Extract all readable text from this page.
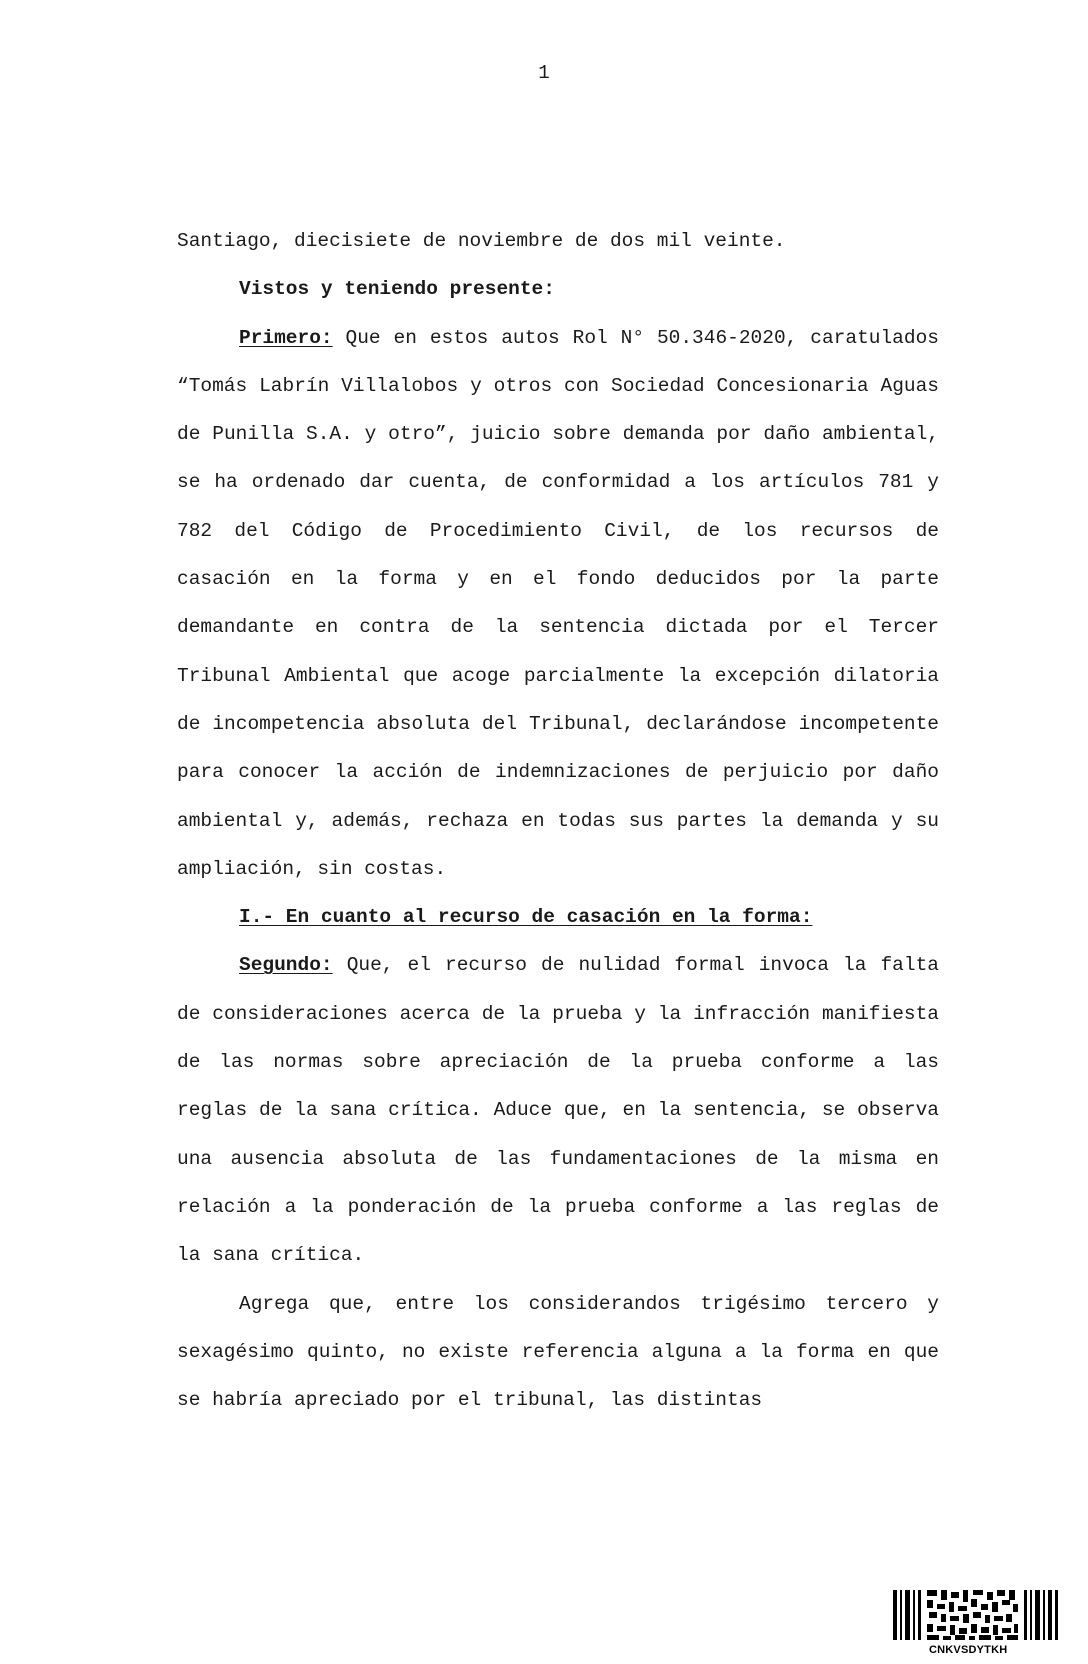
1

Santiago, diecisiete de noviembre de dos mil veinte.

Vistos y teniendo presente:

Primero: Que en estos autos Rol N° 50.346-2020, caratulados “Tomás Labrín Villalobos y otros con Sociedad Concesionaria Aguas de Punilla S.A. y otro”, juicio sobre demanda por daño ambiental, se ha ordenado dar cuenta, de conformidad a los artículos 781 y 782 del Código de Procedimiento Civil, de los recursos de casación en la forma y en el fondo deducidos por la parte demandante en contra de la sentencia dictada por el Tercer Tribunal Ambiental que acoge parcialmente la excepción dilatoria de incompetencia absoluta del Tribunal, declarándose incompetente para conocer la acción de indemnizaciones de perjuicio por daño ambiental y, además, rechaza en todas sus partes la demanda y su ampliación, sin costas.

I.- En cuanto al recurso de casación en la forma:

Segundo: Que, el recurso de nulidad formal invoca la falta de consideraciones acerca de la prueba y la infracción manifiesta de las normas sobre apreciación de la prueba conforme a las reglas de la sana crítica. Aduce que, en la sentencia, se observa una ausencia absoluta de las fundamentaciones de la misma en relación a la ponderación de la prueba conforme a las reglas de la sana crítica.

Agrega que, entre los considerandos trigésimo tercero y sexagésimo quinto, no existe referencia alguna a la forma en que se habría apreciado por el tribunal, las distintas

CNKVSDYTKH
